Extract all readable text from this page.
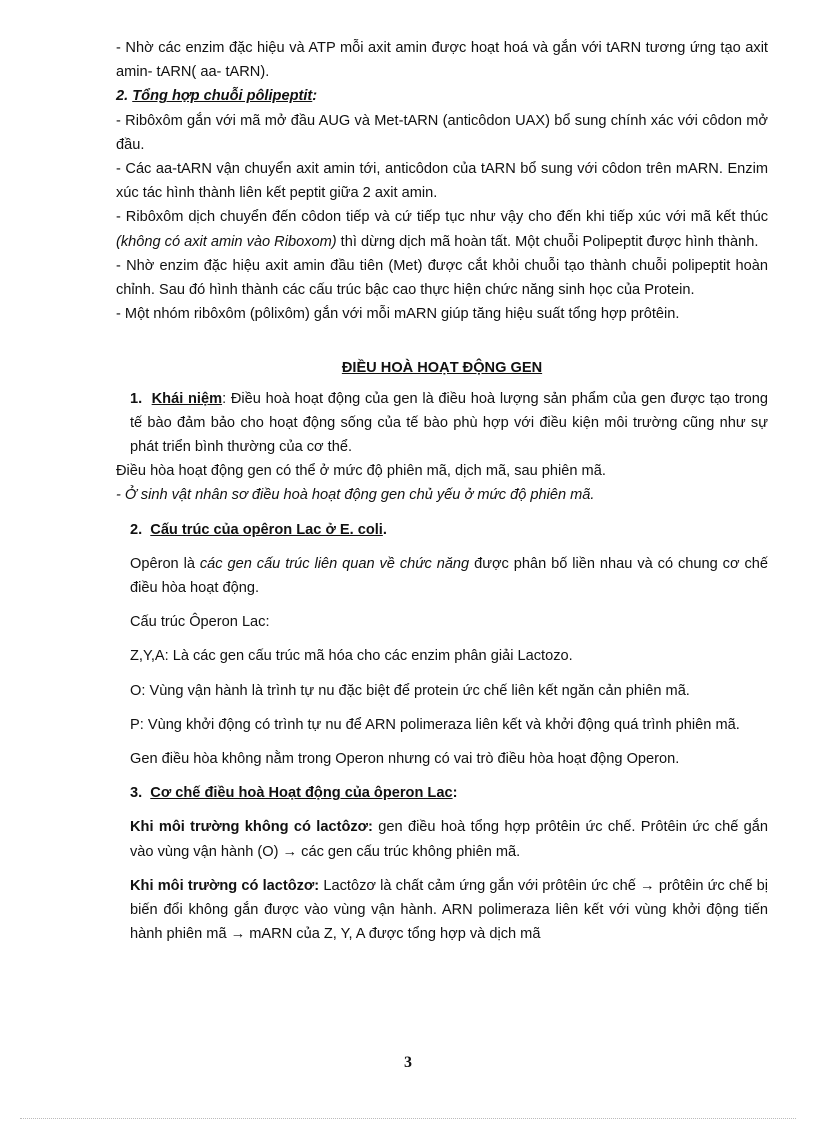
- Nhờ các enzim đặc hiệu và ATP mỗi axit amin được hoạt hoá và gắn với tARN tương ứng tạo axit amin- tARN( aa- tARN).

2. Tổng hợp chuỗi pôlipeptit:

- Ribôxôm gắn với mã mở đầu AUG và Met-tARN (anticôdon UAX) bổ sung chính xác với côdon mở đầu.

- Các aa-tARN vận chuyển axit amin tới, anticôdon của tARN bổ sung với côdon trên mARN. Enzim xúc tác hình thành liên kết peptit giữa 2 axit amin.

- Ribôxôm dịch chuyển đến côdon tiếp và cứ tiếp tục như vậy cho đến khi tiếp xúc với mã kết thúc (không có axit amin vào Riboxom) thì dừng dịch mã hoàn tất. Một chuỗi Polipeptit được hình thành.

- Nhờ enzim đặc hiệu axit amin đầu tiên (Met) được cắt khỏi chuỗi tạo thành chuỗi polipeptit hoàn chỉnh. Sau đó hình thành các cấu trúc bậc cao thực hiện chức năng sinh học của Protein.

- Một nhóm ribôxôm (pôlixôm) gắn với mỗi mARN giúp tăng hiệu suất tổng hợp prôtêin.

ĐIỀU HOÀ HOẠT ĐỘNG GEN

1. Khái niệm: Điều hoà hoạt động của gen là điều hoà lượng sản phẩm của gen được tạo trong tế bào đảm bảo cho hoạt động sống của tế bào phù hợp với điều kiện môi trường cũng như sự phát triển bình thường của cơ thể.

Điều hòa hoạt động gen có thể ở mức độ phiên mã, dịch mã, sau phiên mã.

- Ở sinh vật nhân sơ điều hoà hoạt động gen chủ yếu ở mức độ phiên mã.

2. Cấu trúc của opêron Lac ở E. coli.

Opêron là các gen cấu trúc liên quan về chức năng được phân bố liền nhau và có chung cơ chế điều hòa hoạt động.

Cấu trúc Ôperon Lac:

Z,Y,A: Là các gen cấu trúc mã hóa cho các enzim phân giải Lactozo.

O: Vùng vận hành là trình tự nu đặc biệt để protein ức chế liên kết ngăn cản phiên mã.

P: Vùng khởi động có trình tự nu để ARN polimeraza liên kết và khởi động quá trình phiên mã.

Gen điều hòa không nằm trong Operon nhưng có vai trò điều hòa hoạt động Operon.

3. Cơ chế điều hoà Hoạt động của ôperon Lac:

Khi môi trường không có lactôzơ: gen điều hoà tổng hợp prôtêin ức chế. Prôtêin ức chế gắn vào vùng vận hành (O) → các gen cấu trúc không phiên mã.

Khi môi trường có lactôzơ: Lactôzơ là chất cảm ứng gắn với prôtêin ức chế → prôtêin ức chế bị biến đổi không gắn được vào vùng vận hành. ARN polimeraza liên kết với vùng khởi động tiến hành phiên mã → mARN của Z, Y, A được tổng hợp và dịch mã

3
